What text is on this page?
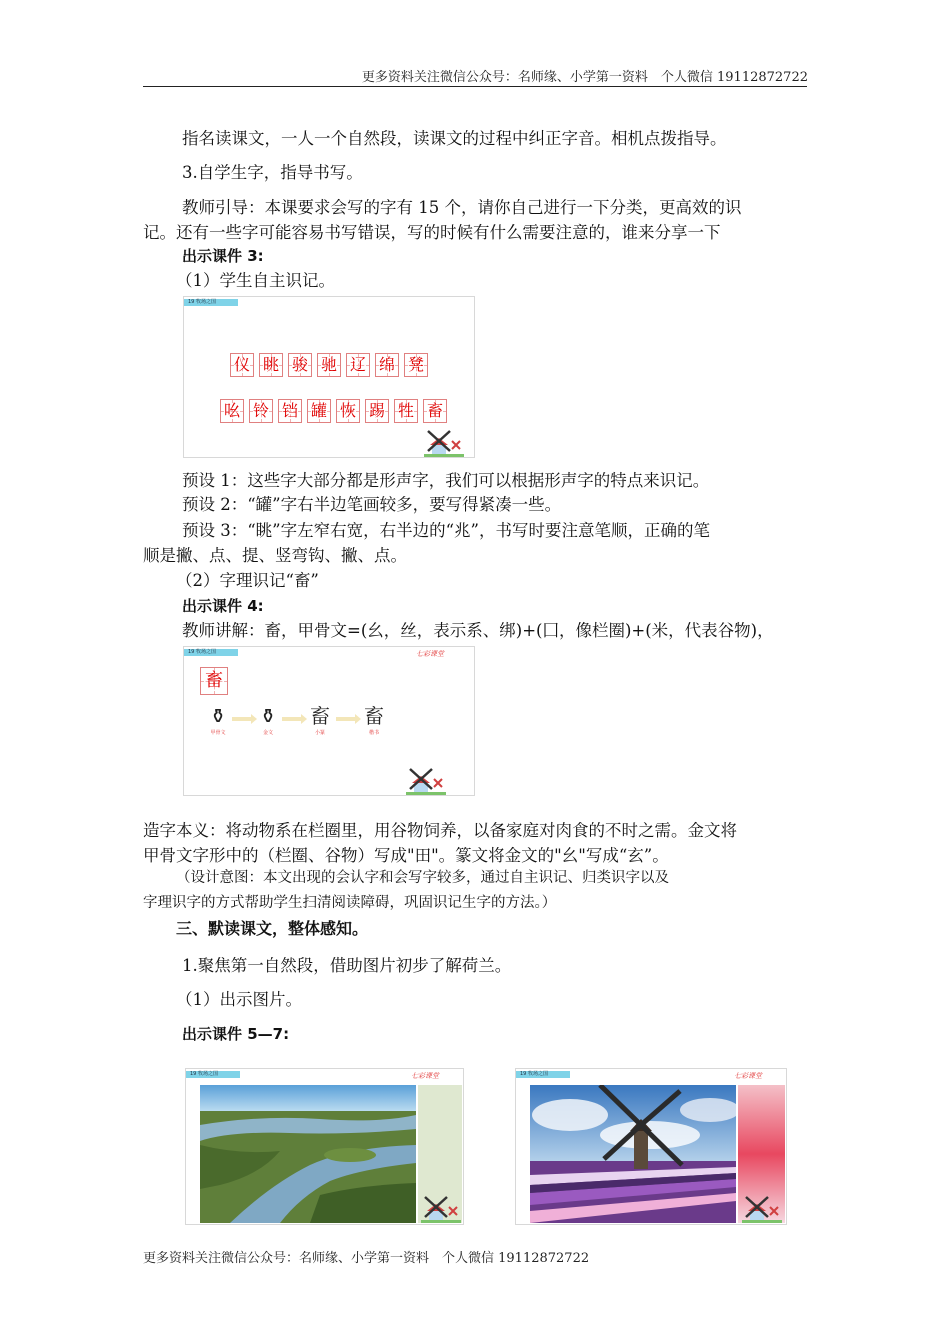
更多资料关注微信公众号：名师缘、小学第一资料　个人微信 19112872722
指名读课文，一人一个自然段，读课文的过程中纠正字音。相机点拨指导。
3.自学生字，指导书写。
教师引导：本课要求会写的字有 15 个，请你自己进行一下分类，更高效的识
记。还有一些字可能容易书写错误，写的时候有什么需要注意的，谁来分享一下
出示课件 3:
（1）学生自主识记。
19 牧场之国
仪 眺 骏 驰 辽 绵 凳
吆 铃 铛 罐 恢 踢 牲 畜
预设 1：这些字大部分都是形声字，我们可以根据形声字的特点来识记。
预设 2：“罐”字右半边笔画较多，要写得紧凑一些。
预设 3：“眺”字左窄右宽，右半边的“兆”，书写时要注意笔顺，正确的笔
顺是撇、点、提、竖弯钩、撇、点。
（2）字理识记“畜”
出示课件 4:
教师讲解：畜，甲骨文=(幺，丝，表示系、绑)+(囗，像栏圈)+(米，代表谷物)，
19 牧场之国	七彩课堂
畜
⚱
甲骨文
⚱
金文
畜
小篆
畜
楷书
造字本义：将动物系在栏圈里，用谷物饲养，以备家庭对肉食的不时之需。金文将
甲骨文字形中的（栏圈、谷物）写成"田"。篆文将金文的"幺"写成“玄”。
（设计意图：本文出现的会认字和会写字较多，通过自主识记、归类识字以及
字理识字的方式帮助学生扫清阅读障碍，巩固识记生字的方法。）
三、默读课文，整体感知。
1.聚焦第一自然段，借助图片初步了解荷兰。
（1）出示图片。
出示课件 5—7:
19 牧场之国	七彩课堂	19 牧场之国	七彩课堂
更多资料关注微信公众号：名师缘、小学第一资料　个人微信 19112872722
